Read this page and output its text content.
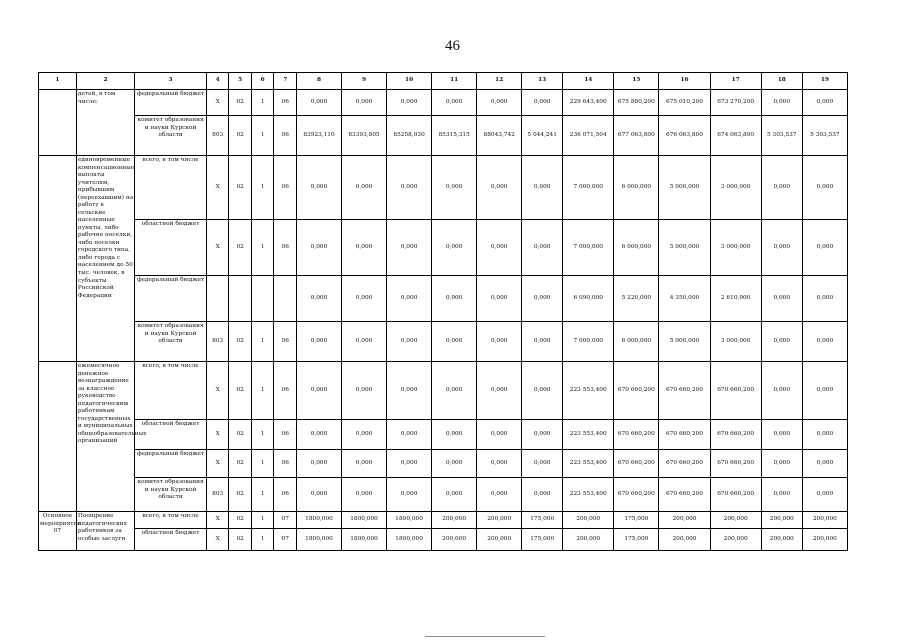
46
1	2	3	4	5	6	7	8	9	10	11	12	13	14	15	16	17	18	19
	детей, в том числе:	федеральный бюджет	Х	02	1	06	0,000	0,000	0,000	0,000	0,000	0,000	229 643,400	675 880,200	675 010,200	673 270,200	0,000	0,000
		комитет образования и науки Курской области	803	02	1	06	83923,110	83393,805	85258,030	85315,315	88043,742	5 044,241	236 071,504	677 063,800	676 063,800	674 063,800	5 303,537	5 303,537
	единовременные компенсационные выплаты учителям, прибывшим (переехавшим) на работу в сельские населенные пункты, либо рабочие поселки, либо поселки городского типа, либо города с населением до 50 тыс. человек, в субъекты Российской Федерации	всего, в том числе	Х	02	1	06	0,000	0,000	0,000	0,000	0,000	0,000	7 000,000	6 000,000	5 000,000	3 000,000	0,000	0,000
		областной бюджет	Х	02	1	06	0,000	0,000	0,000	0,000	0,000	0,000	7 000,000	6 000,000	5 000,000	3 000,000	0,000	0,000
		федеральный бюджет					0,000	0,000	0,000	0,000	0,000	0,000	6 090,000	5 220,000	4 350,000	2 610,000	0,000	0,000
		комитет образования и науки Курской области	803	02	1	06	0,000	0,000	0,000	0,000	0,000	0,000	7 000,000	6 000,000	5 000,000	3 000,000	0,000	0,000
	ежемесячное денежное вознаграждение за классное руководство педагогическим работникам государственных и муниципальных общеобразовательных организаций	всего, в том числе	Х	02	1	06	0,000	0,000	0,000	0,000	0,000	0,000	223 553,400	670 660,200	670 660,200	670 660,200	0,000	0,000
		областной бюджет	Х	02	1	06	0,000	0,000	0,000	0,000	0,000	0,000	223 553,400	670 660,200	670 660,200	670 660,200	0,000	0,000
		федеральный бюджет	Х	02	1	06	0,000	0,000	0,000	0,000	0,000	0,000	223 553,400	670 660,200	670 660,200	670 660,200	0,000	0,000
		комитет образования и науки Курской области	803	02	1	06	0,000	0,000	0,000	0,000	0,000	0,000	223 553,400	670 660,200	670 660,200	670 660,200	0,000	0,000
Основное мероприятие 07	Поощрение педагогических работников за особые заслуги	всего, в том числе	Х	02	1	07	1800,000	1800,000	1800,000	200,000	200,000	175,000	200,000	175,000	200,000	200,000	200,000	200,000
		областной бюджет	Х	02	1	07	1800,000	1800,000	1800,000	200,000	200,000	175,000	200,000	175,000	200,000	200,000	200,000	200,000
